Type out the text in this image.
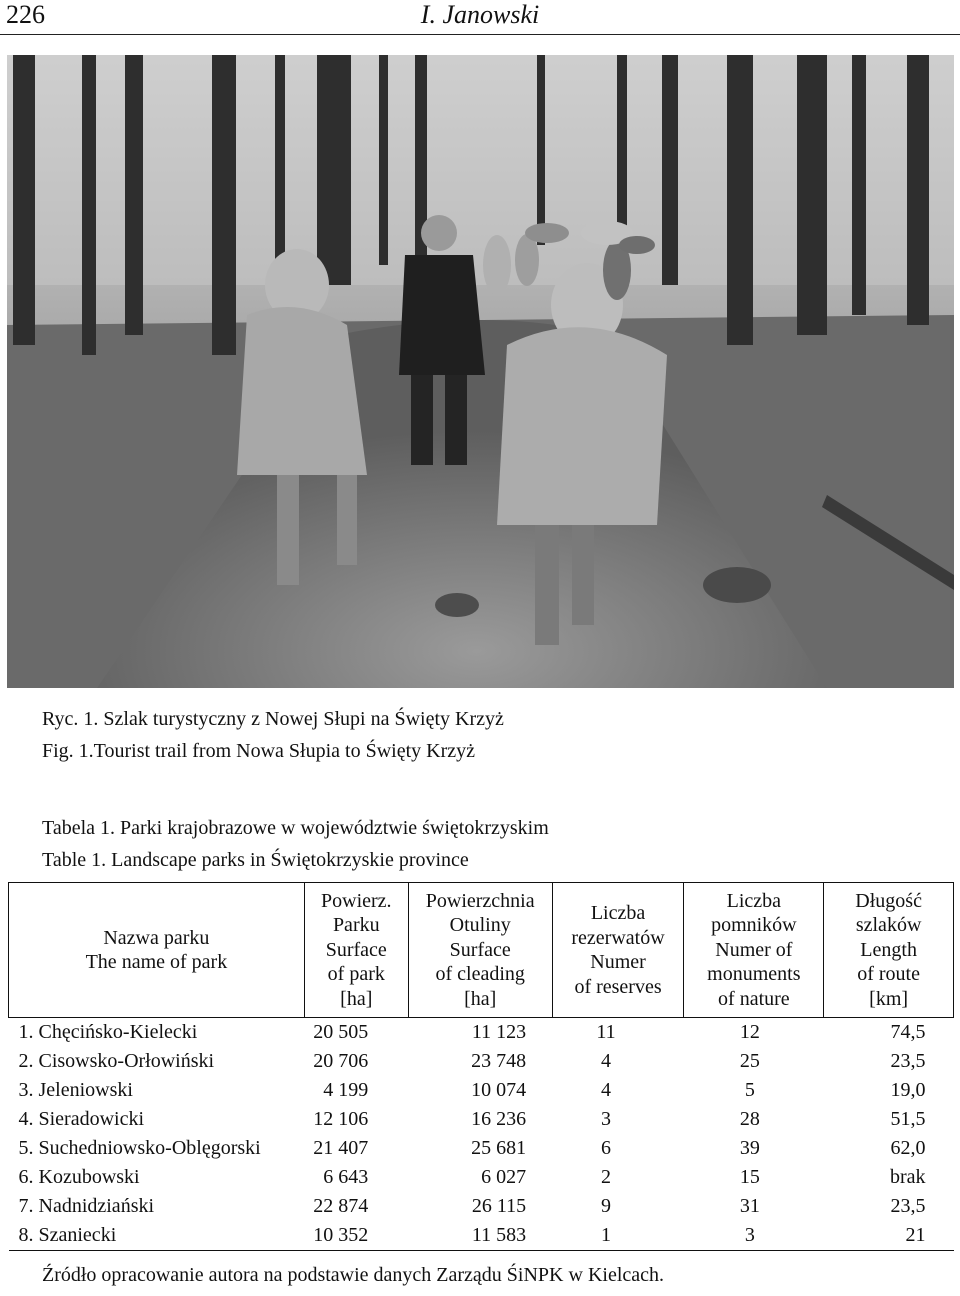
226	I. Janowski
Ryc. 1. Szlak turystyczny z Nowej Słupi na Święty Krzyż
Fig. 1.Tourist trail from Nowa Słupia to Święty Krzyż
Tabela 1. Parki krajobrazowe w województwie świętokrzyskim
Table 1. Landscape parks in Świętokrzyskie province
Nazwa parku
The name of park	Powierz.
Parku
Surface
of park
[ha]	Powierzchnia
Otuliny
Surface
of cleading
[ha]	Liczba
rezerwatów
Numer
of reserves	Liczba
pomników
Numer of
monuments
of nature	Długość
szlaków
Length
of route
[km]

1. Chęcińsko-Kielecki	20 505	11 123	11	12	74,5
2. Cisowsko-Orłowiński	20 706	23 748	4	25	23,5
3. Jeleniowski	4 199	10 074	4	5	19,0
4. Sieradowicki	12 106	16 236	3	28	51,5
5. Suchedniowsko-Oblęgorski	21 407	25 681	6	39	62,0
6. Kozubowski	6 643	6 027	2	15	brak
7. Nadnidziański	22 874	26 115	9	31	23,5
8. Szaniecki	10 352	11 583	1	3	21
Źródło opracowanie autora na podstawie danych Zarządu ŚiNPK w Kielcach.
